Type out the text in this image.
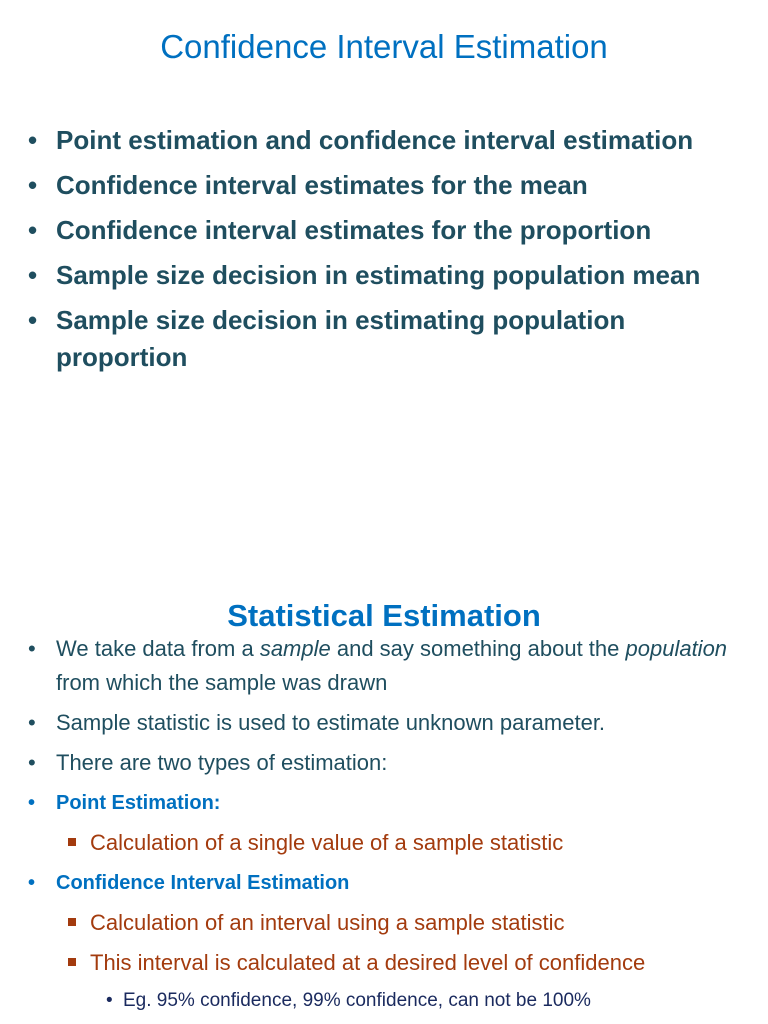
Confidence Interval Estimation
• Point estimation and confidence interval estimation
• Confidence interval estimates for the mean
• Confidence interval estimates for the proportion
• Sample size decision in estimating population mean
• Sample size decision in estimating population proportion
Statistical Estimation
• We take data from a sample and say something about the population from which the sample was drawn
• Sample statistic is used to estimate unknown parameter.
• There are two types of estimation:
• Point Estimation:
Calculation of a single value of a sample statistic
• Confidence Interval Estimation
Calculation of an interval using a sample statistic
This interval is calculated at a desired level of confidence
• Eg. 95% confidence, 99% confidence, can not be 100%
